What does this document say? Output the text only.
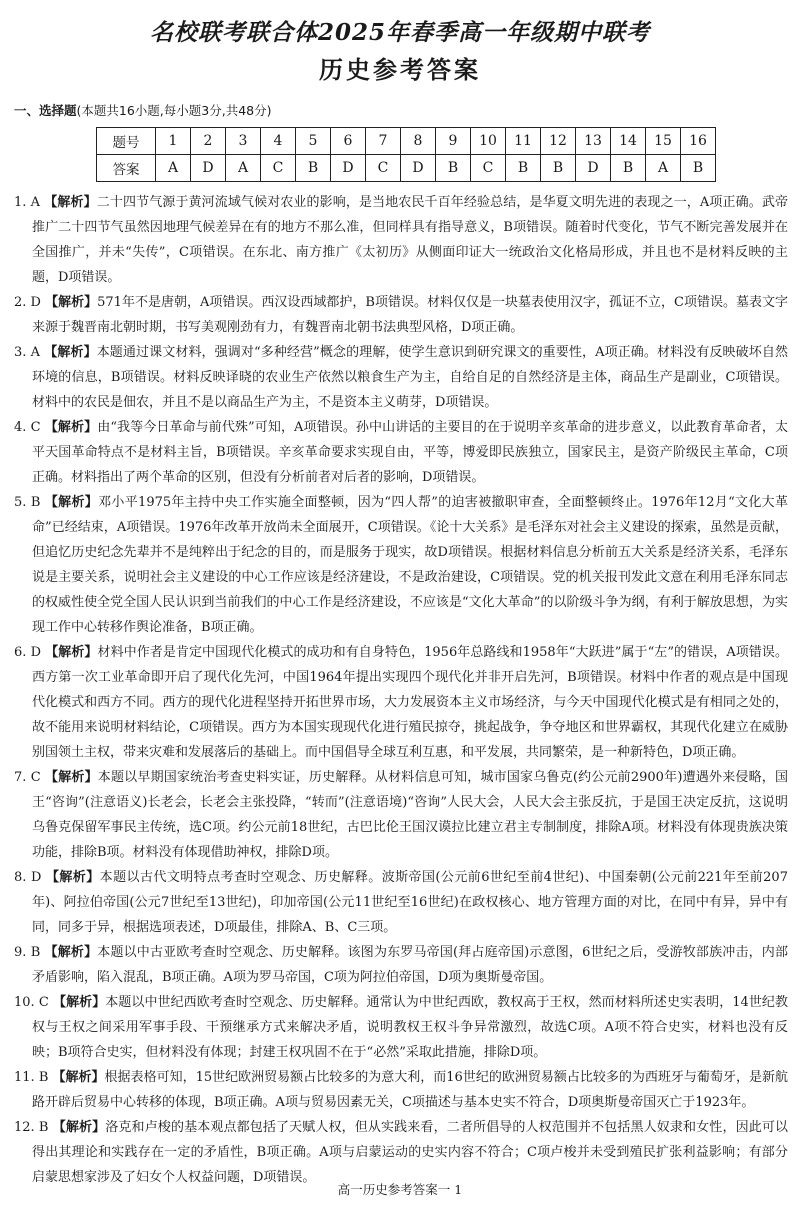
名校联考联合体2025年春季高一年级期中联考
历史参考答案
一、选择题(本题共16小题,每小题3分,共48分)
题号	1	2	3	4	5	6	7	8	9	10	11	12	13	14	15	16
答案	A	D	A	C	B	D	C	D	B	C	B	B	D	B	A	B

1. A 【解析】二十四节气源于黄河流域气候对农业的影响，是当地农民千百年经验总结，是华夏文明先进的表现之一，A项正确。武帝推广二十四节气虽然因地理气候差异在有的地方不那么准，但同样具有指导意义，B项错误。随着时代变化，节气不断完善发展并在全国推广，并未“失传”，C项错误。在东北、南方推广《太初历》从侧面印证大一统政治文化格局形成，并且也不是材料反映的主题，D项错误。

2. D 【解析】571年不是唐朝，A项错误。西汉设西域都护，B项错误。材料仅仅是一块墓表使用汉字，孤证不立，C项错误。墓表文字来源于魏晋南北朝时期，书写美观刚劲有力，有魏晋南北朝书法典型风格，D项正确。

3. A 【解析】本题通过课文材料，强调对“多种经营”概念的理解，使学生意识到研究课文的重要性，A项正确。材料没有反映破坏自然环境的信息，B项错误。材料反映译晓的农业生产依然以粮食生产为主，自给自足的自然经济是主体，商品生产是副业，C项错误。材料中的农民是佃农，并且不是以商品生产为主，不是资本主义萌芽，D项错误。

4. C 【解析】由“我等今日革命与前代殊”可知，A项错误。孙中山讲话的主要目的在于说明辛亥革命的进步意义，以此教育革命者，太平天国革命特点不是材料主旨，B项错误。辛亥革命要求实现自由，平等，博爱即民族独立，国家民主，是资产阶级民主革命，C项正确。材料指出了两个革命的区别，但没有分析前者对后者的影响，D项错误。

5. B 【解析】邓小平1975年主持中央工作实施全面整顿，因为“四人帮”的迫害被撤职审查，全面整顿终止。1976年12月“文化大革命”已经结束，A项错误。1976年改革开放尚未全面展开，C项错误。《论十大关系》是毛泽东对社会主义建设的探索，虽然是贡献，但追忆历史纪念先辈并不是纯粹出于纪念的目的，而是服务于现实，故D项错误。根据材料信息分析前五大关系是经济关系，毛泽东说是主要关系，说明社会主义建设的中心工作应该是经济建设，不是政治建设，C项错误。党的机关报刊发此文意在利用毛泽东同志的权威性使全党全国人民认识到当前我们的中心工作是经济建设，不应该是“文化大革命”的以阶级斗争为纲，有利于解放思想，为实现工作中心转移作舆论准备，B项正确。

6. D 【解析】材料中作者是肯定中国现代化模式的成功和有自身特色，1956年总路线和1958年“大跃进”属于“左”的错误，A项错误。西方第一次工业革命即开启了现代化先河，中国1964年提出实现四个现代化并非开启先河，B项错误。材料中作者的观点是中国现代化模式和西方不同。西方的现代化进程坚持开拓世界市场，大力发展资本主义市场经济，与今天中国现代化模式是有相同之处的，故不能用来说明材料结论，C项错误。西方为本国实现现代化进行殖民掠夺，挑起战争，争夺地区和世界霸权，其现代化建立在威胁别国领土主权，带来灾难和发展落后的基础上。而中国倡导全球互利互惠，和平发展，共同繁荣，是一种新特色，D项正确。

7. C 【解析】本题以早期国家统治考查史料实证，历史解释。从材料信息可知，城市国家乌鲁克(约公元前2900年)遭遇外来侵略，国王“咨询”(注意语义)长老会，长老会主张投降，“转而”(注意语境)“咨询”人民大会，人民大会主张反抗，于是国王决定反抗，这说明乌鲁克保留军事民主传统，选C项。约公元前18世纪，古巴比伦王国汉谟拉比建立君主专制制度，排除A项。材料没有体现贵族决策功能，排除B项。材料没有体现借助神权，排除D项。

8. D 【解析】本题以古代文明特点考查时空观念、历史解释。波斯帝国(公元前6世纪至前4世纪)、中国秦朝(公元前221年至前207年)、阿拉伯帝国(公元7世纪至13世纪)，印加帝国(公元11世纪至16世纪)在政权核心、地方管理方面的对比，在同中有异，异中有同，同多于异，根据选项表述，D项最佳，排除A、B、C三项。

9. B 【解析】本题以中古亚欧考查时空观念、历史解释。该图为东罗马帝国(拜占庭帝国)示意图，6世纪之后，受游牧部族冲击，内部矛盾影响，陷入混乱，B项正确。A项为罗马帝国，C项为阿拉伯帝国，D项为奥斯曼帝国。

10. C 【解析】本题以中世纪西欧考查时空观念、历史解释。通常认为中世纪西欧，教权高于王权，然而材料所述史实表明，14世纪教权与王权之间采用军事手段、干预继承方式来解决矛盾，说明教权王权斗争异常激烈，故选C项。A项不符合史实，材料也没有反映；B项符合史实，但材料没有体现；封建王权巩固不在于“必然”采取此措施，排除D项。

11. B 【解析】根据表格可知，15世纪欧洲贸易额占比较多的为意大利，而16世纪的欧洲贸易额占比较多的为西班牙与葡萄牙，是新航路开辟后贸易中心转移的体现，B项正确。A项与贸易因素无关，C项描述与基本史实不符合，D项奥斯曼帝国灭亡于1923年。

12. B 【解析】洛克和卢梭的基本观点都包括了天赋人权，但从实践来看，二者所倡导的人权范围并不包括黑人奴隶和女性，因此可以得出其理论和实践存在一定的矛盾性，B项正确。A项与启蒙运动的史实内容不符合；C项卢梭并未受到殖民扩张利益影响；有部分启蒙思想家涉及了妇女个人权益问题，D项错误。

高一历史参考答案一 1
